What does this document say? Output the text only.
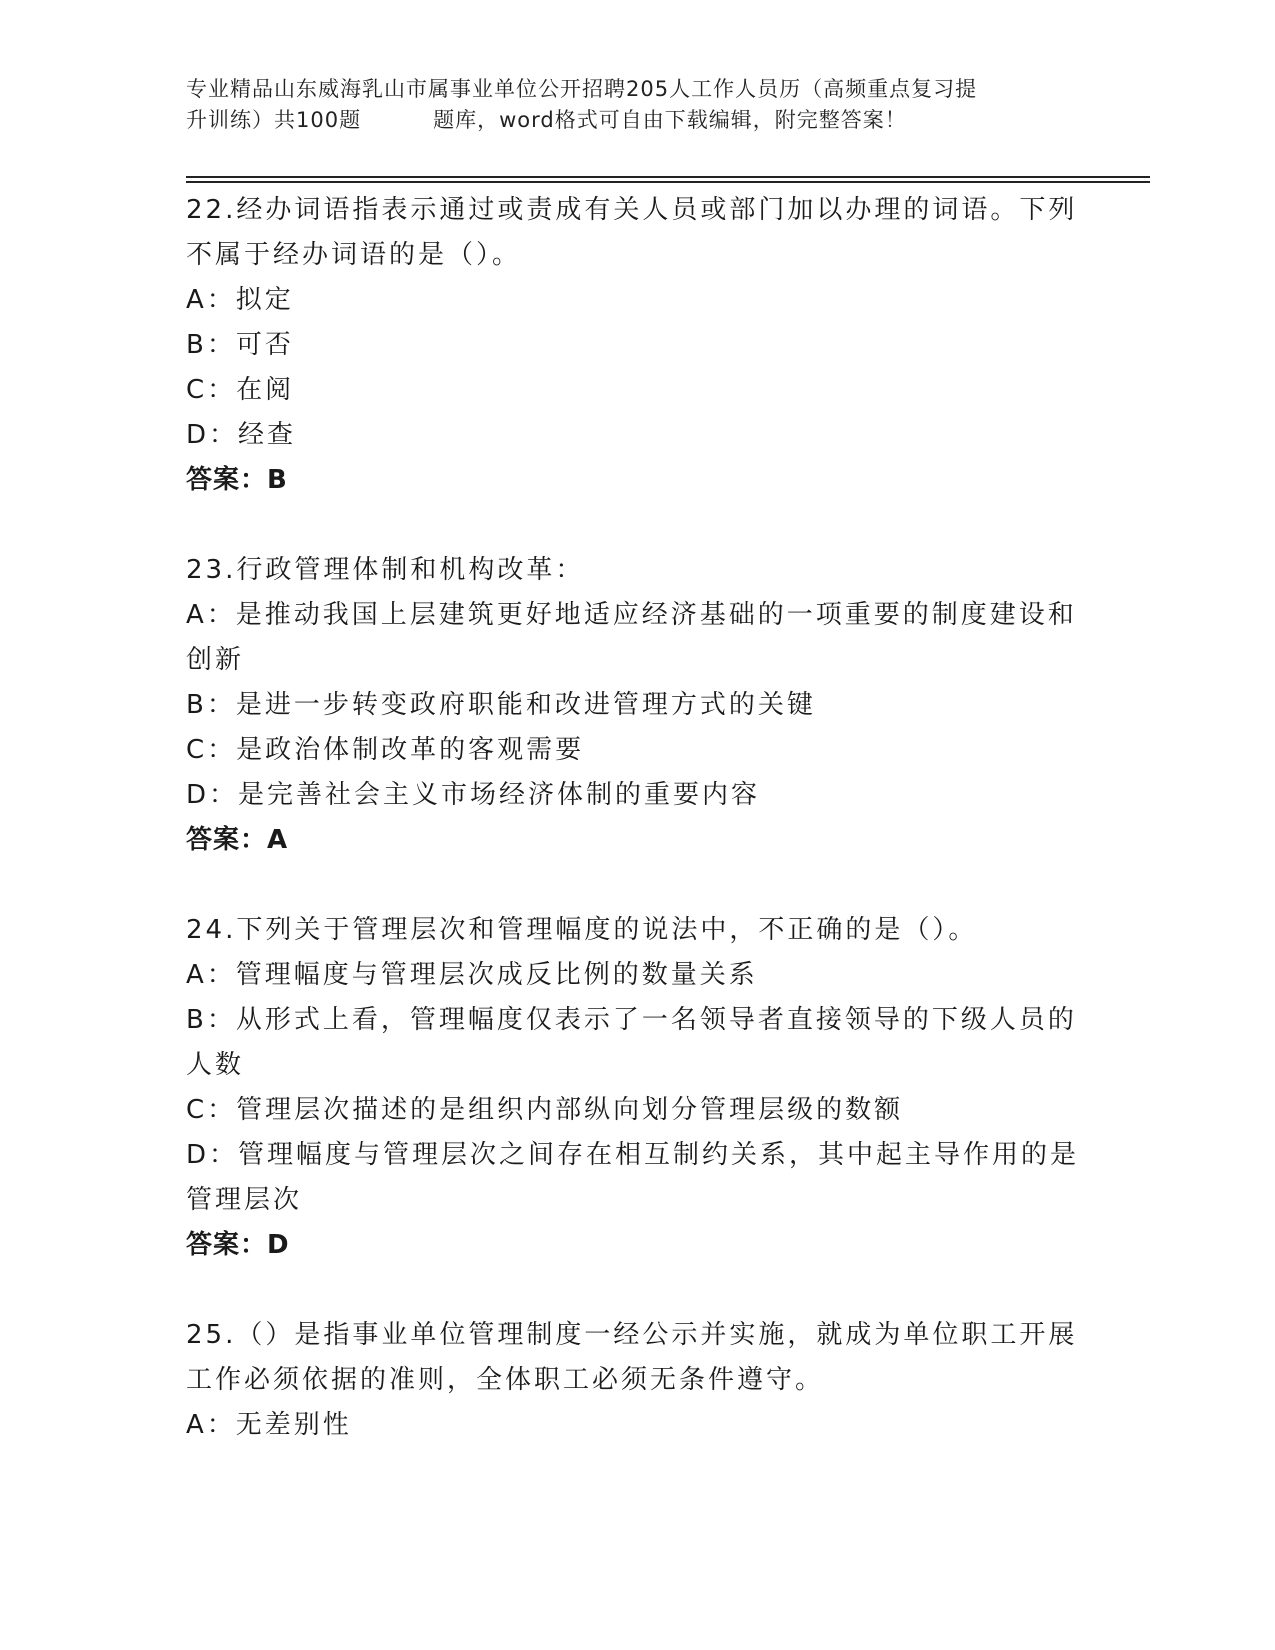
专业精品山东威海乳山市属事业单位公开招聘205人工作人员历（高频重点复习提
升训练）共100题	题库，word格式可自由下载编辑，附完整答案！

22.经办词语指表示通过或责成有关人员或部门加以办理的词语。下列不属于经办词语的是（）。

A：拟定

B：可否

C：在阅

D：经查

答案：B

23.行政管理体制和机构改革：

A：是推动我国上层建筑更好地适应经济基础的一项重要的制度建设和创新

B：是进一步转变政府职能和改进管理方式的关键

C：是政治体制改革的客观需要

D：是完善社会主义市场经济体制的重要内容

答案：A

24.下列关于管理层次和管理幅度的说法中，不正确的是（）。

A：管理幅度与管理层次成反比例的数量关系

B：从形式上看，管理幅度仅表示了一名领导者直接领导的下级人员的人数

C：管理层次描述的是组织内部纵向划分管理层级的数额

D：管理幅度与管理层次之间存在相互制约关系，其中起主导作用的是管理层次

答案：D

25.（）是指事业单位管理制度一经公示并实施，就成为单位职工开展工作必须依据的准则，全体职工必须无条件遵守。

A：无差别性
